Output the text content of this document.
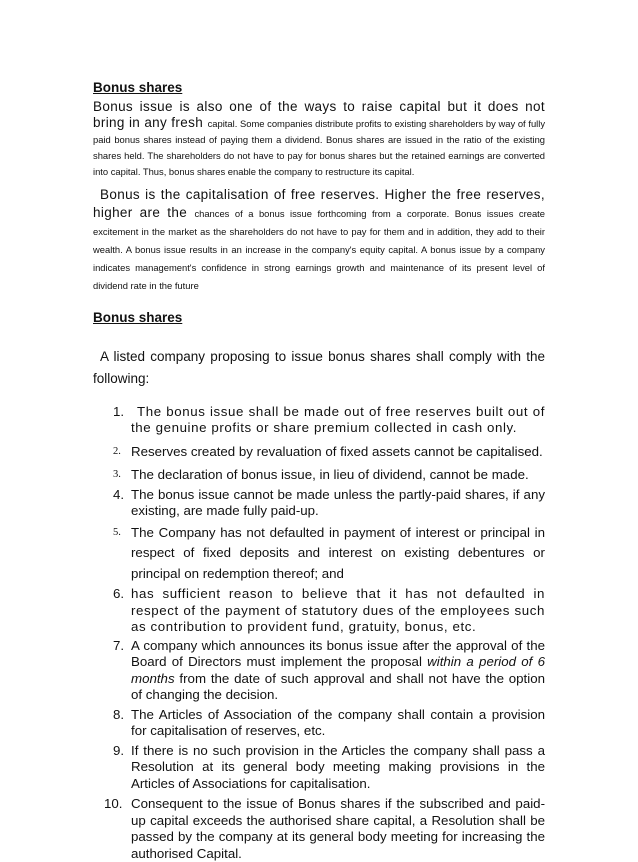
Bonus shares

Bonus issue is also one of the ways to raise capital but it does not bring in any fresh capital. Some companies distribute profits to existing shareholders by way of fully paid bonus shares instead of paying them a dividend. Bonus shares are issued in the ratio of the existing shares held. The shareholders do not have to pay for bonus shares but the retained earnings are converted into capital. Thus, bonus shares enable the company to restructure its capital.

Bonus is the capitalisation of free reserves. Higher the free reserves, higher are the chances of a bonus issue forthcoming from a corporate. Bonus issues create excitement in the market as the shareholders do not have to pay for them and in addition, they add to their wealth. A bonus issue results in an increase in the company's equity capital. A bonus issue by a company indicates management's confidence in strong earnings growth and maintenance of its present level of dividend rate in the future

Bonus shares

A listed company proposing to issue bonus shares shall comply with the following:

1. The bonus issue shall be made out of free reserves built out of the genuine profits or share premium collected in cash only.
2. Reserves created by revaluation of fixed assets cannot be capitalised.
3. The declaration of bonus issue, in lieu of dividend, cannot be made.
4. The bonus issue cannot be made unless the partly-paid shares, if any existing, are made fully paid-up.
5. The Company has not defaulted in payment of interest or principal in respect of fixed deposits and interest on existing debentures or principal on redemption thereof; and
6. has sufficient reason to believe that it has not defaulted in respect of the payment of statutory dues of the employees such as contribution to provident fund, gratuity, bonus, etc.
7. A company which announces its bonus issue after the approval of the Board of Directors must implement the proposal within a period of 6 months from the date of such approval and shall not have the option of changing the decision.
8. The Articles of Association of the company shall contain a provision for capitalisation of reserves, etc.
9. If there is no such provision in the Articles the company shall pass a Resolution at its general body meeting making provisions in the Articles of Associations for capitalisation.
10. Consequent to the issue of Bonus shares if the subscribed and paid-up capital exceeds the authorised share capital, a Resolution shall be passed by the company at its general body meeting for increasing the authorised Capital.
